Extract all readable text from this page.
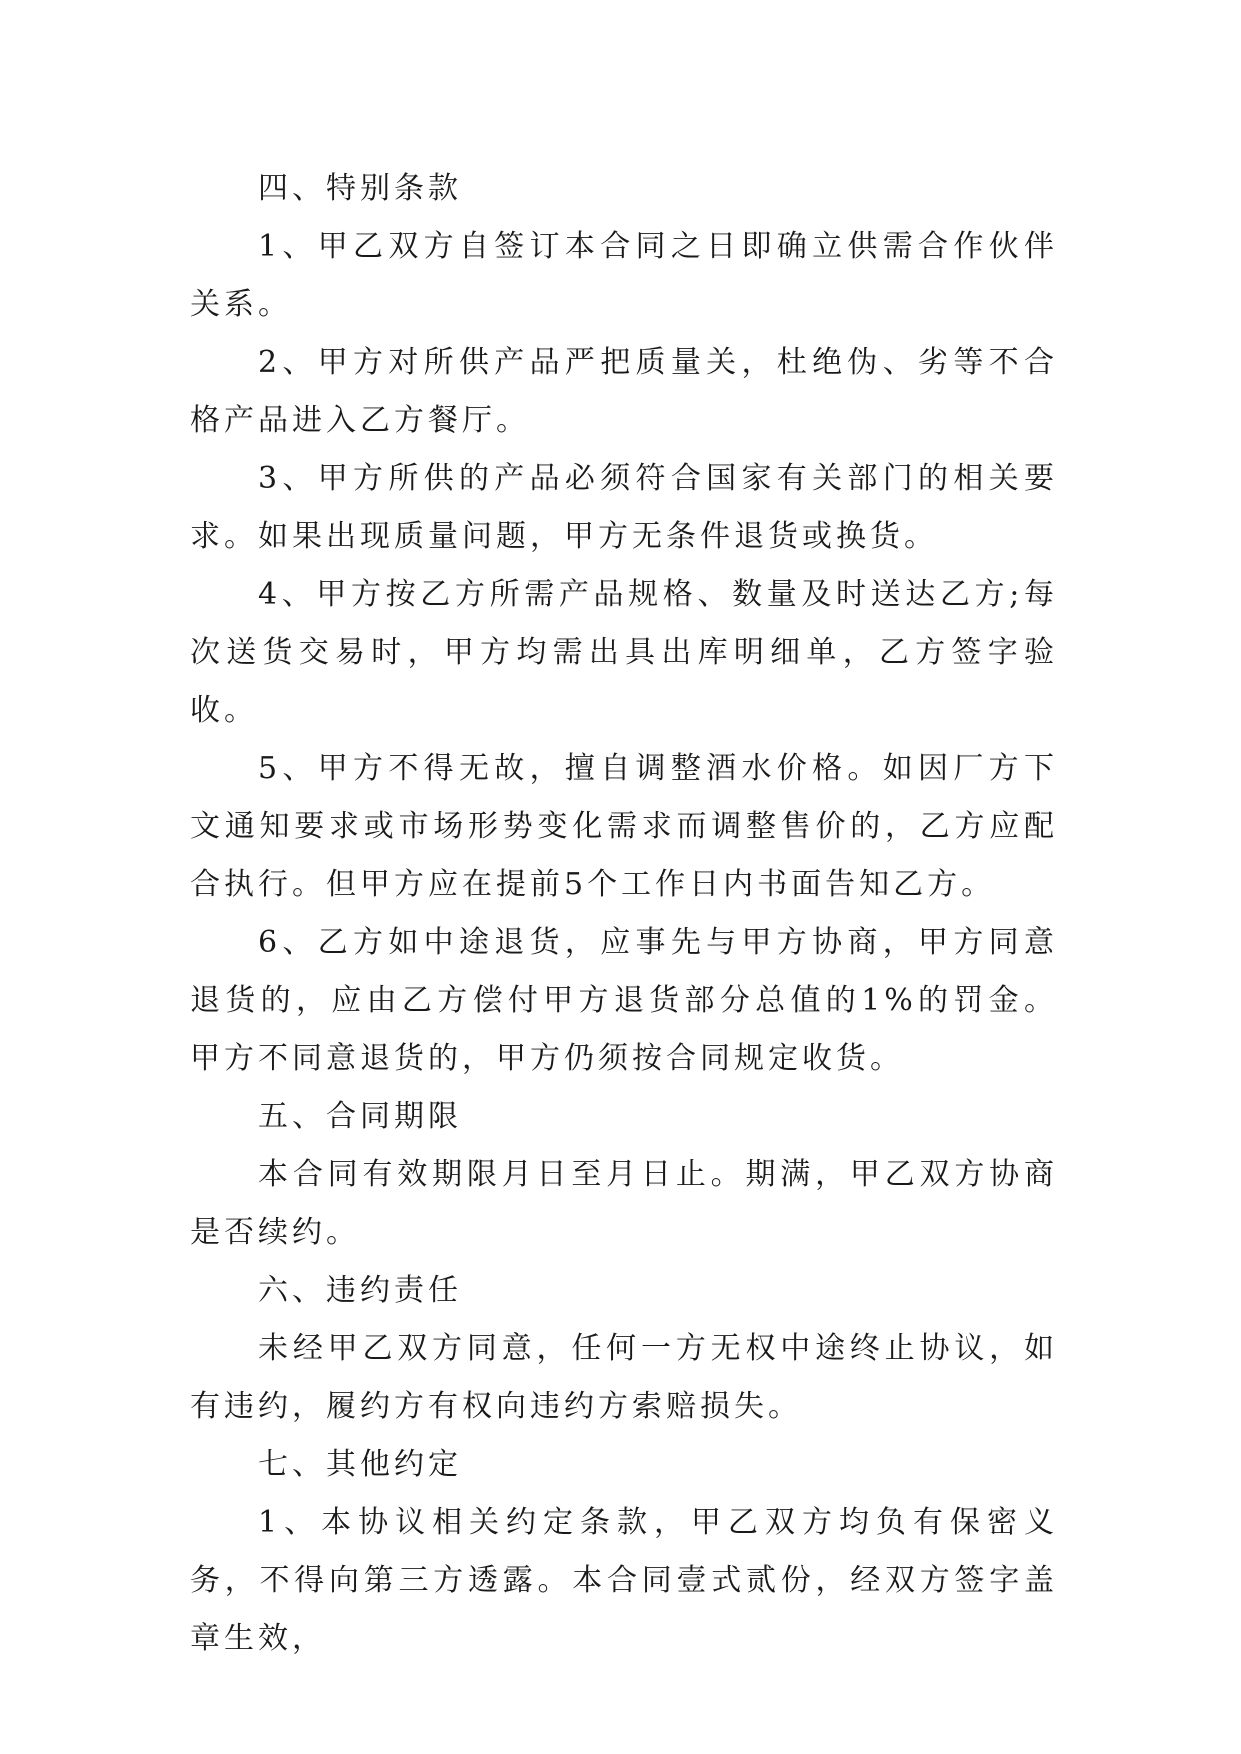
四、特别条款

1、甲乙双方自签订本合同之日即确立供需合作伙伴关系。

2、甲方对所供产品严把质量关，杜绝伪、劣等不合格产品进入乙方餐厅。

3、甲方所供的产品必须符合国家有关部门的相关要求。如果出现质量问题，甲方无条件退货或换货。

4、甲方按乙方所需产品规格、数量及时送达乙方;每次送货交易时，甲方均需出具出库明细单，乙方签字验收。

5、甲方不得无故，擅自调整酒水价格。如因厂方下文通知要求或市场形势变化需求而调整售价的，乙方应配合执行。但甲方应在提前5个工作日内书面告知乙方。

6、乙方如中途退货，应事先与甲方协商，甲方同意退货的，应由乙方偿付甲方退货部分总值的1%的罚金。甲方不同意退货的，甲方仍须按合同规定收货。

五、合同期限

本合同有效期限月日至月日止。期满，甲乙双方协商是否续约。

六、违约责任

未经甲乙双方同意，任何一方无权中途终止协议，如有违约，履约方有权向违约方索赔损失。

七、其他约定

1、本协议相关约定条款，甲乙双方均负有保密义务，不得向第三方透露。本合同壹式贰份，经双方签字盖章生效，
